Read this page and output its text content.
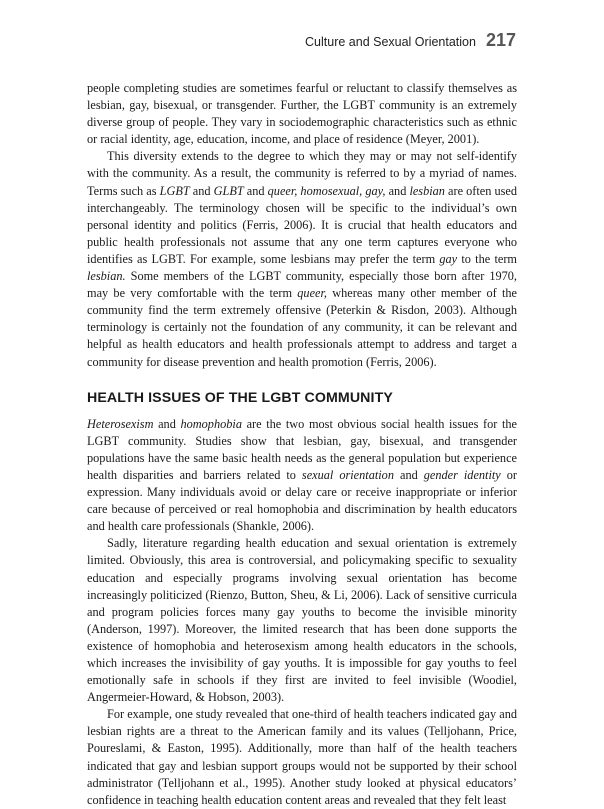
Culture and Sexual Orientation 217

people completing studies are sometimes fearful or reluctant to classify themselves as lesbian, gay, bisexual, or transgender. Further, the LGBT community is an extremely diverse group of people. They vary in sociodemographic characteristics such as ethnic or racial identity, age, education, income, and place of residence (Meyer, 2001).

This diversity extends to the degree to which they may or may not self-identify with the community. As a result, the community is referred to by a myriad of names. Terms such as LGBT and GLBT and queer, homosexual, gay, and lesbian are often used interchangeably. The terminology chosen will be specific to the individual’s own personal identity and politics (Ferris, 2006). It is crucial that health educators and public health professionals not assume that any one term captures everyone who identifies as LGBT. For example, some lesbians may prefer the term gay to the term lesbian. Some members of the LGBT community, especially those born after 1970, may be very comfortable with the term queer, whereas many other member of the community find the term extremely offensive (Peterkin & Risdon, 2003). Although terminology is certainly not the foundation of any community, it can be relevant and helpful as health educators and health professionals attempt to address and target a community for disease prevention and health promotion (Ferris, 2006).

HEALTH ISSUES OF THE LGBT COMMUNITY

Heterosexism and homophobia are the two most obvious social health issues for the LGBT community. Studies show that lesbian, gay, bisexual, and transgender populations have the same basic health needs as the general population but experience health disparities and barriers related to sexual orientation and gender identity or expression. Many individuals avoid or delay care or receive inappropriate or inferior care because of perceived or real homophobia and discrimination by health educators and health care professionals (Shankle, 2006).

Sadly, literature regarding health education and sexual orientation is extremely limited. Obviously, this area is controversial, and policymaking specific to sexuality education and especially programs involving sexual orientation has become increasingly politicized (Rienzo, Button, Sheu, & Li, 2006). Lack of sensitive curricula and program policies forces many gay youths to become the invisible minority (Anderson, 1997). Moreover, the limited research that has been done supports the existence of homophobia and heterosexism among health educators in the schools, which increases the invisibility of gay youths. It is impossible for gay youths to feel emotionally safe in schools if they first are invited to feel invisible (Woodiel, Angermeier-Howard, & Hobson, 2003).

For example, one study revealed that one-third of health teachers indicated gay and lesbian rights are a threat to the American family and its values (Telljohann, Price, Poureslami, & Easton, 1995). Additionally, more than half of the health teachers indicated that gay and lesbian support groups would not be supported by their school administrator (Telljohann et al., 1995). Another study looked at physical educators’ confidence in teaching health education content areas and revealed that they felt least
